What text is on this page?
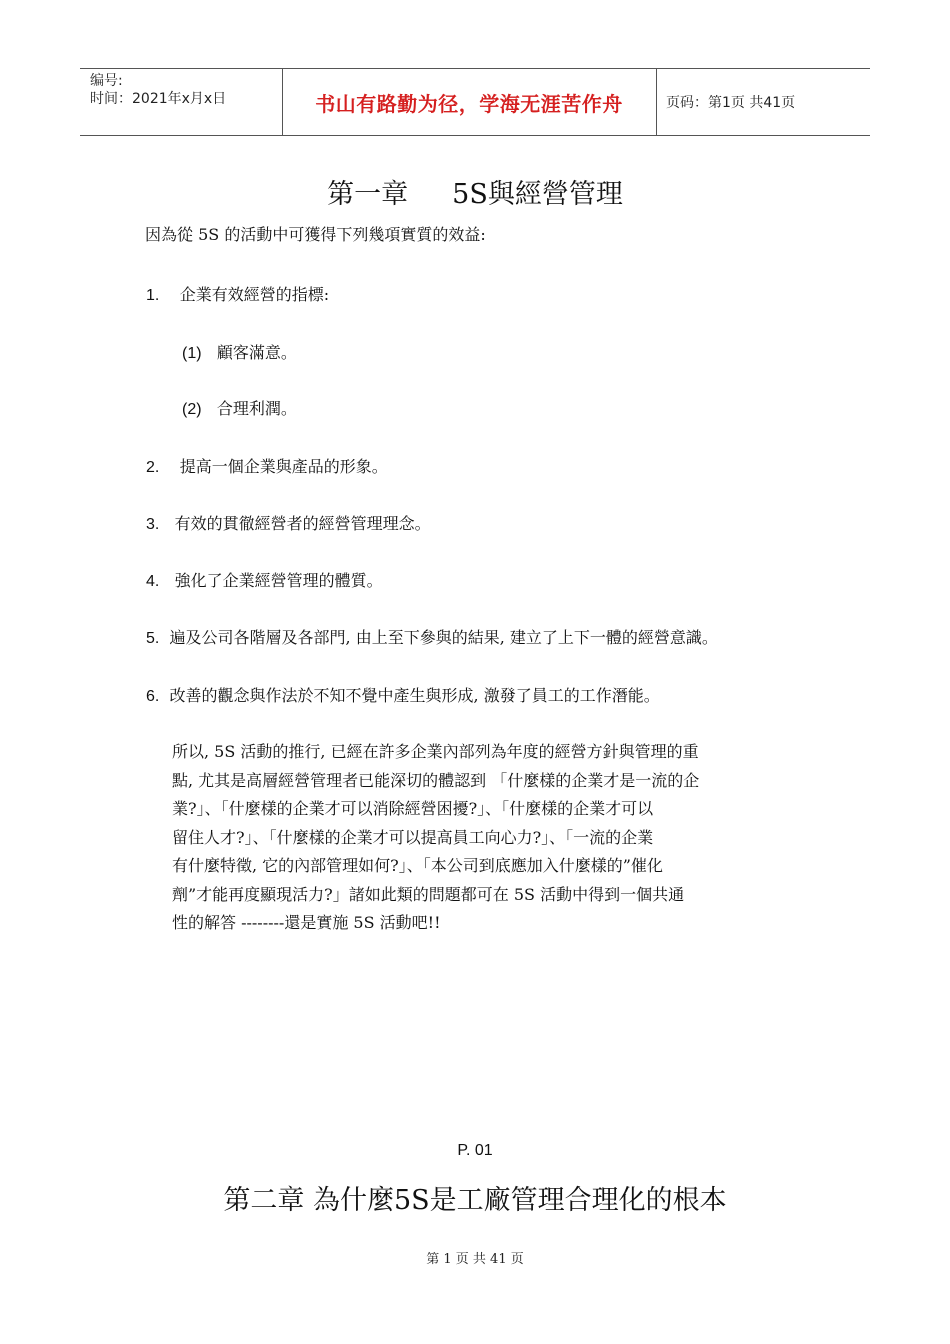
编号:
时间：2021年x月x日	书山有路勤为径，学海无涯苦作舟	页码：第1页 共41页
第一章 5S與經營管理
因為從 5S 的活動中可獲得下列幾項實質的效益:
1. 企業有效經營的指標:
(1) 顧客滿意。
(2) 合理利潤。
2. 提高一個企業與產品的形象。
3. 有效的貫徹經營者的經營管理理念。
4. 強化了企業經營管理的體質。
5. 遍及公司各階層及各部門, 由上至下參與的結果, 建立了上下一體的經營意識。
6. 改善的觀念與作法於不知不覺中產生與形成, 激發了員工的工作潛能。
所以, 5S 活動的推行, 已經在許多企業內部列為年度的經營方針與管理的重
點, 尤其是高層經營管理者已能深切的體認到 「什麼樣的企業才是一流的企
業?」、「什麼樣的企業才可以消除經營困擾?」、「什麼樣的企業才可以
留住人才?」、「什麼樣的企業才可以提高員工向心力?」、「一流的企業
有什麼特徵, 它的內部管理如何?」、「本公司到底應加入什麼樣的”催化
劑”才能再度顯現活力?」諸如此類的問題都可在 5S 活動中得到一個共通
性的解答 --------還是實施 5S 活動吧!!
P. 01
第二章 為什麼5S是工廠管理合理化的根本
第 1 页 共 41 页
